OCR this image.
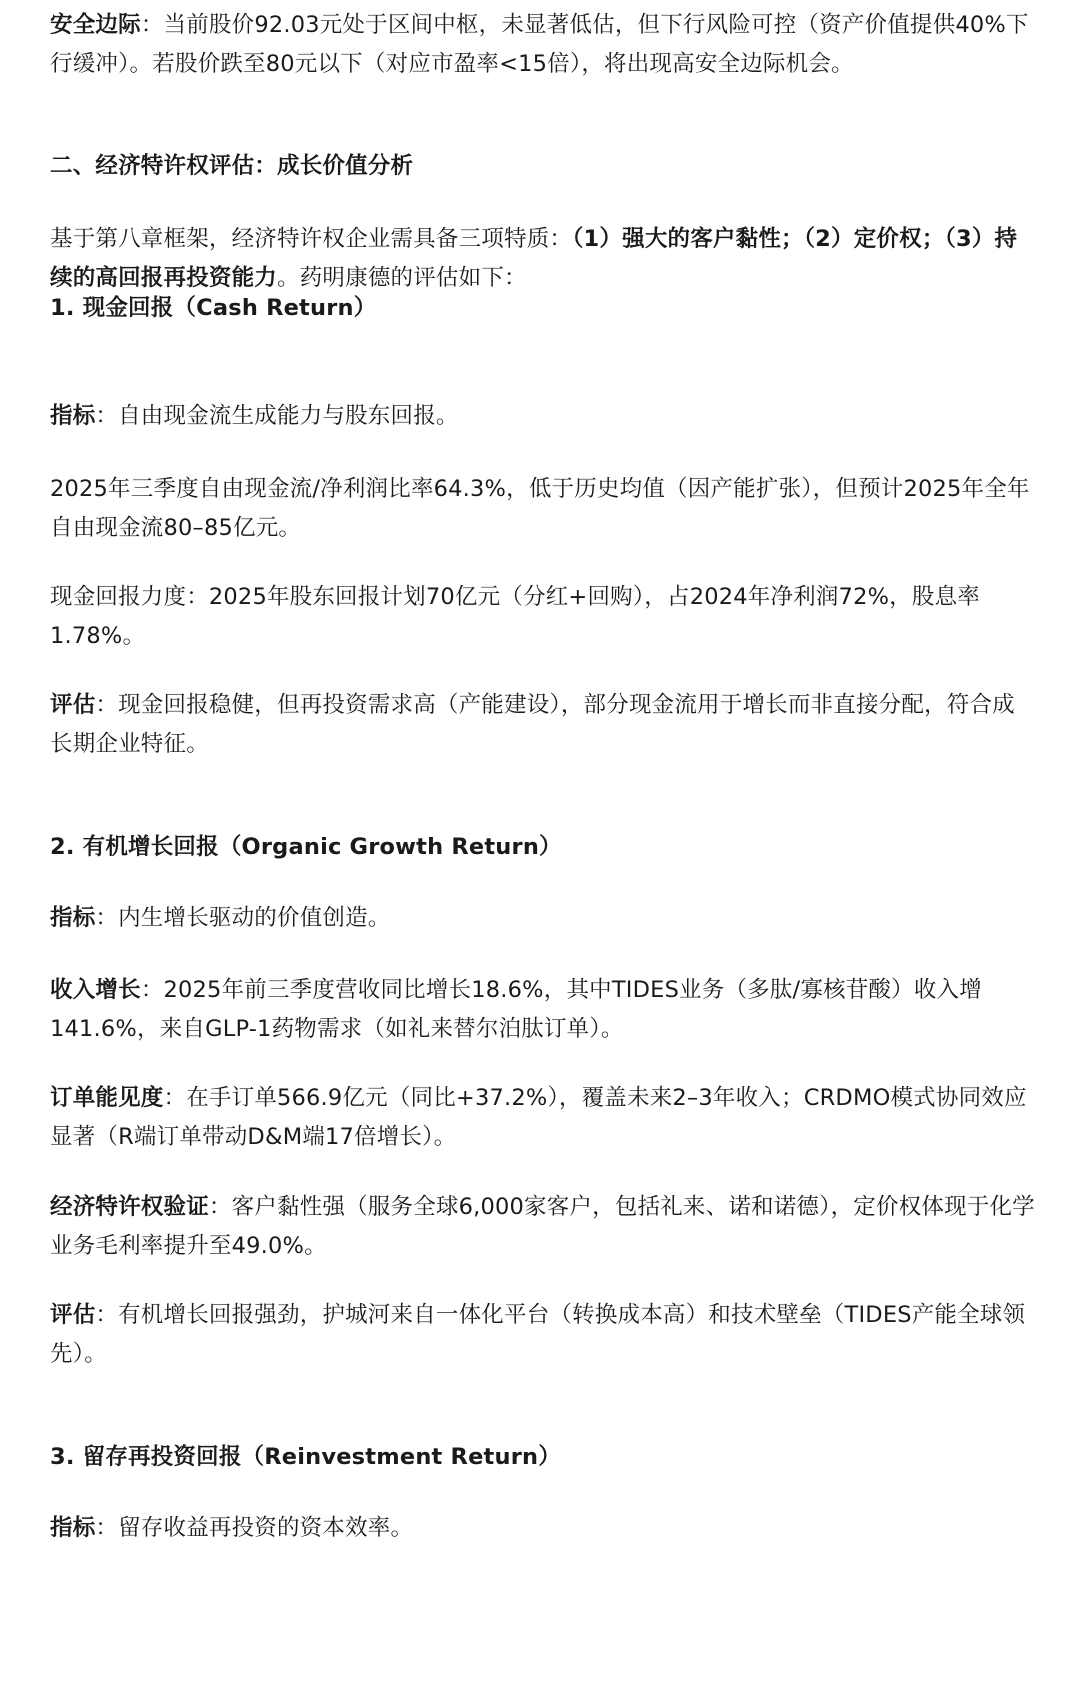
安全边际：当前股价92.03元处于区间中枢，未显著低估，但下行风险可控（资产价值提供40%下行缓冲）。若股价跌至80元以下（对应市盈率<15倍），将出现高安全边际机会。

二、经济特许权评估：成长价值分析

基于第八章框架，经济特许权企业需具备三项特质：（1）强大的客户黏性；（2）定价权；（3）持续的高回报再投资能力。药明康德的评估如下：

1. 现金回报（Cash Return）

指标：自由现金流生成能力与股东回报。

2025年三季度自由现金流/净利润比率64.3%，低于历史均值（因产能扩张），但预计2025年全年自由现金流80–85亿元。

现金回报力度：2025年股东回报计划70亿元（分红+回购），占2024年净利润72%，股息率1.78%。

评估：现金回报稳健，但再投资需求高（产能建设），部分现金流用于增长而非直接分配，符合成长期企业特征。

2. 有机增长回报（Organic Growth Return）

指标：内生增长驱动的价值创造。

收入增长：2025年前三季度营收同比增长18.6%，其中TIDES业务（多肽/寡核苷酸）收入增141.6%，来自GLP-1药物需求（如礼来替尔泊肽订单）。

订单能见度：在手订单566.9亿元（同比+37.2%），覆盖未来2–3年收入；CRDMO模式协同效应显著（R端订单带动D&M端17倍增长）。

经济特许权验证：客户黏性强（服务全球6,000家客户，包括礼来、诺和诺德），定价权体现于化学业务毛利率提升至49.0%。

评估：有机增长回报强劲，护城河来自一体化平台（转换成本高）和技术壁垒（TIDES产能全球领先）。

3. 留存再投资回报（Reinvestment Return）

指标：留存收益再投资的资本效率。
